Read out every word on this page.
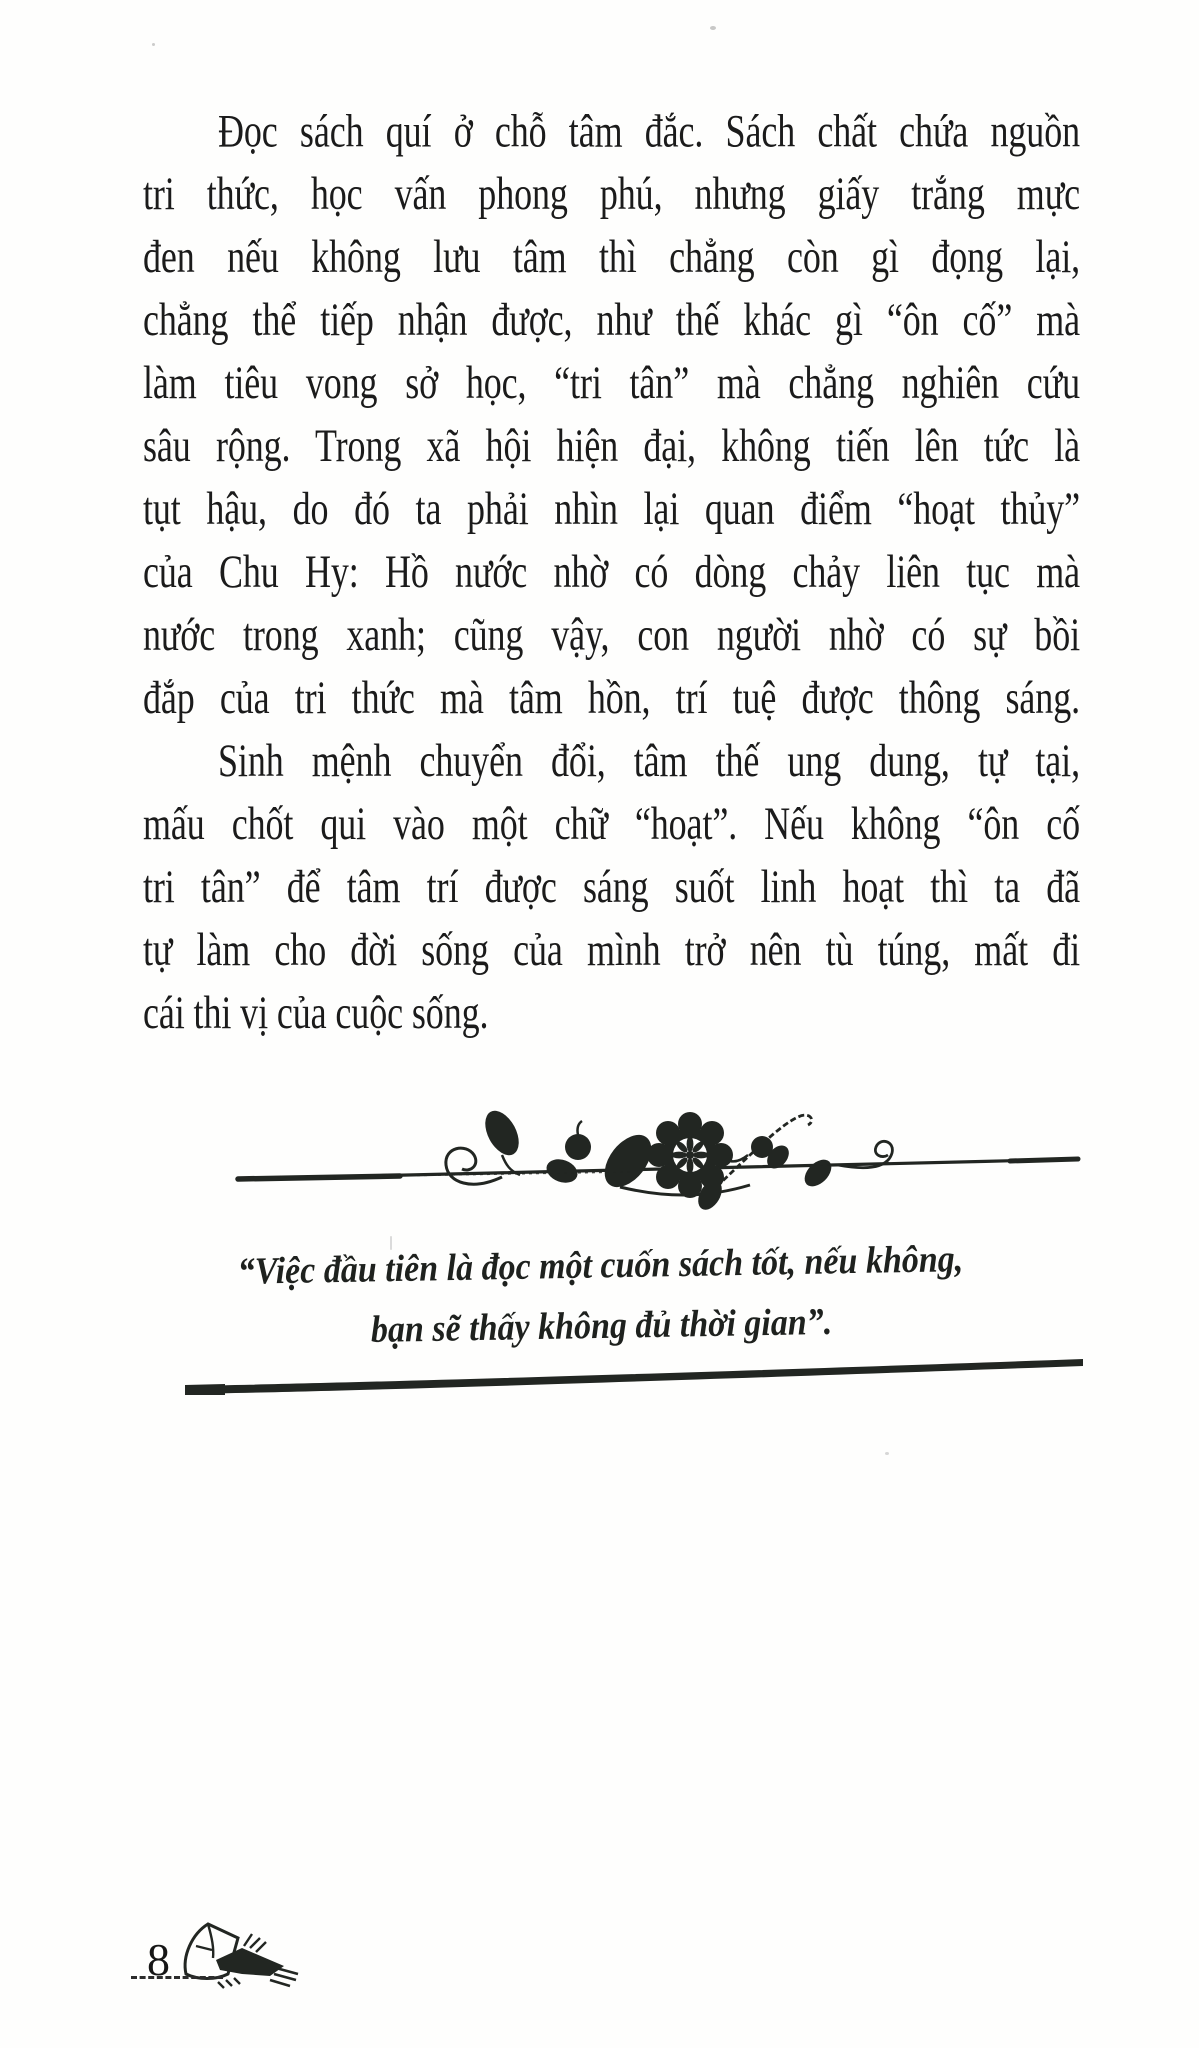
Đọc sách quí ở chỗ tâm đắc. Sách chất chứa nguồn
tri thức, học vấn phong phú, nhưng giấy trắng mực
đen nếu không lưu tâm thì chẳng còn gì đọng lại,
chẳng thể tiếp nhận được, như thế khác gì “ôn cố” mà
làm tiêu vong sở học, “tri tân” mà chẳng nghiên cứu
sâu rộng. Trong xã hội hiện đại, không tiến lên tức là
tụt hậu, do đó ta phải nhìn lại quan điểm “hoạt thủy”
của Chu Hy: Hồ nước nhờ có dòng chảy liên tục mà
nước trong xanh; cũng vậy, con người nhờ có sự bồi
đắp của tri thức mà tâm hồn, trí tuệ được thông sáng.
Sinh mệnh chuyển đổi, tâm thế ung dung, tự tại,
mấu chốt qui vào một chữ “hoạt”. Nếu không “ôn cố
tri tân” để tâm trí được sáng suốt linh hoạt thì ta đã
tự làm cho đời sống của mình trở nên tù túng, mất đi
cái thi vị của cuộc sống.
“Việc đầu tiên là đọc một cuốn sách tốt, nếu không,
bạn sẽ thấy không đủ thời gian”.
8
